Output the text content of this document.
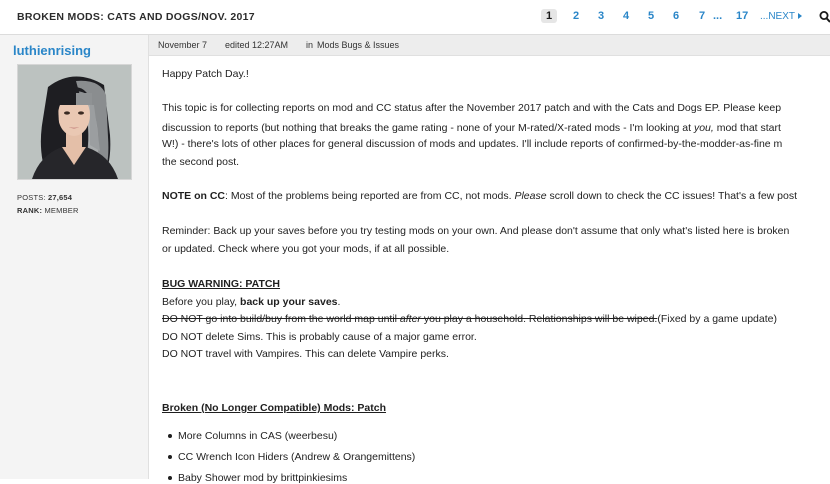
BROKEN MODS: CATS AND DOGS/NOV. 2017	1	2 3 4 5 6 7 ... 17 ...NEXT
luthienrising
POSTS: 27,654
RANK: MEMBER
November 7 edited 12:27AM in Mods Bugs & Issues
Happy Patch Day.!
This topic is for collecting reports on mod and CC status after the November 2017 patch and with the Cats and Dogs EP. Please keep
discussion to reports (but nothing that breaks the game rating - none of your M-rated/X-rated mods - I'm looking at you, mod that start
W!) - there's lots of other places for general discussion of mods and updates. I'll include reports of confirmed-by-the-modder-as-fine m
the second post.
NOTE on CC: Most of the problems being reported are from CC, not mods. Please scroll down to check the CC issues! That's a few post
Reminder: Back up your saves before you try testing mods on your own. And please don't assume that only what's listed here is broken
or updated. Check where you got your mods, if at all possible.
BUG WARNING: PATCH
Before you play, back up your saves.
DO NOT go into build/buy from the world map until after you play a household. Relationships will be wiped.(Fixed by a game update)
DO NOT delete Sims. This is probably cause of a major game error.
DO NOT travel with Vampires. This can delete Vampire perks.
Broken (No Longer Compatible) Mods: Patch
More Columns in CAS (weerbesu)
CC Wrench Icon Hiders (Andrew & Orangemittens)
Baby Shower mod by brittpinkiesims
